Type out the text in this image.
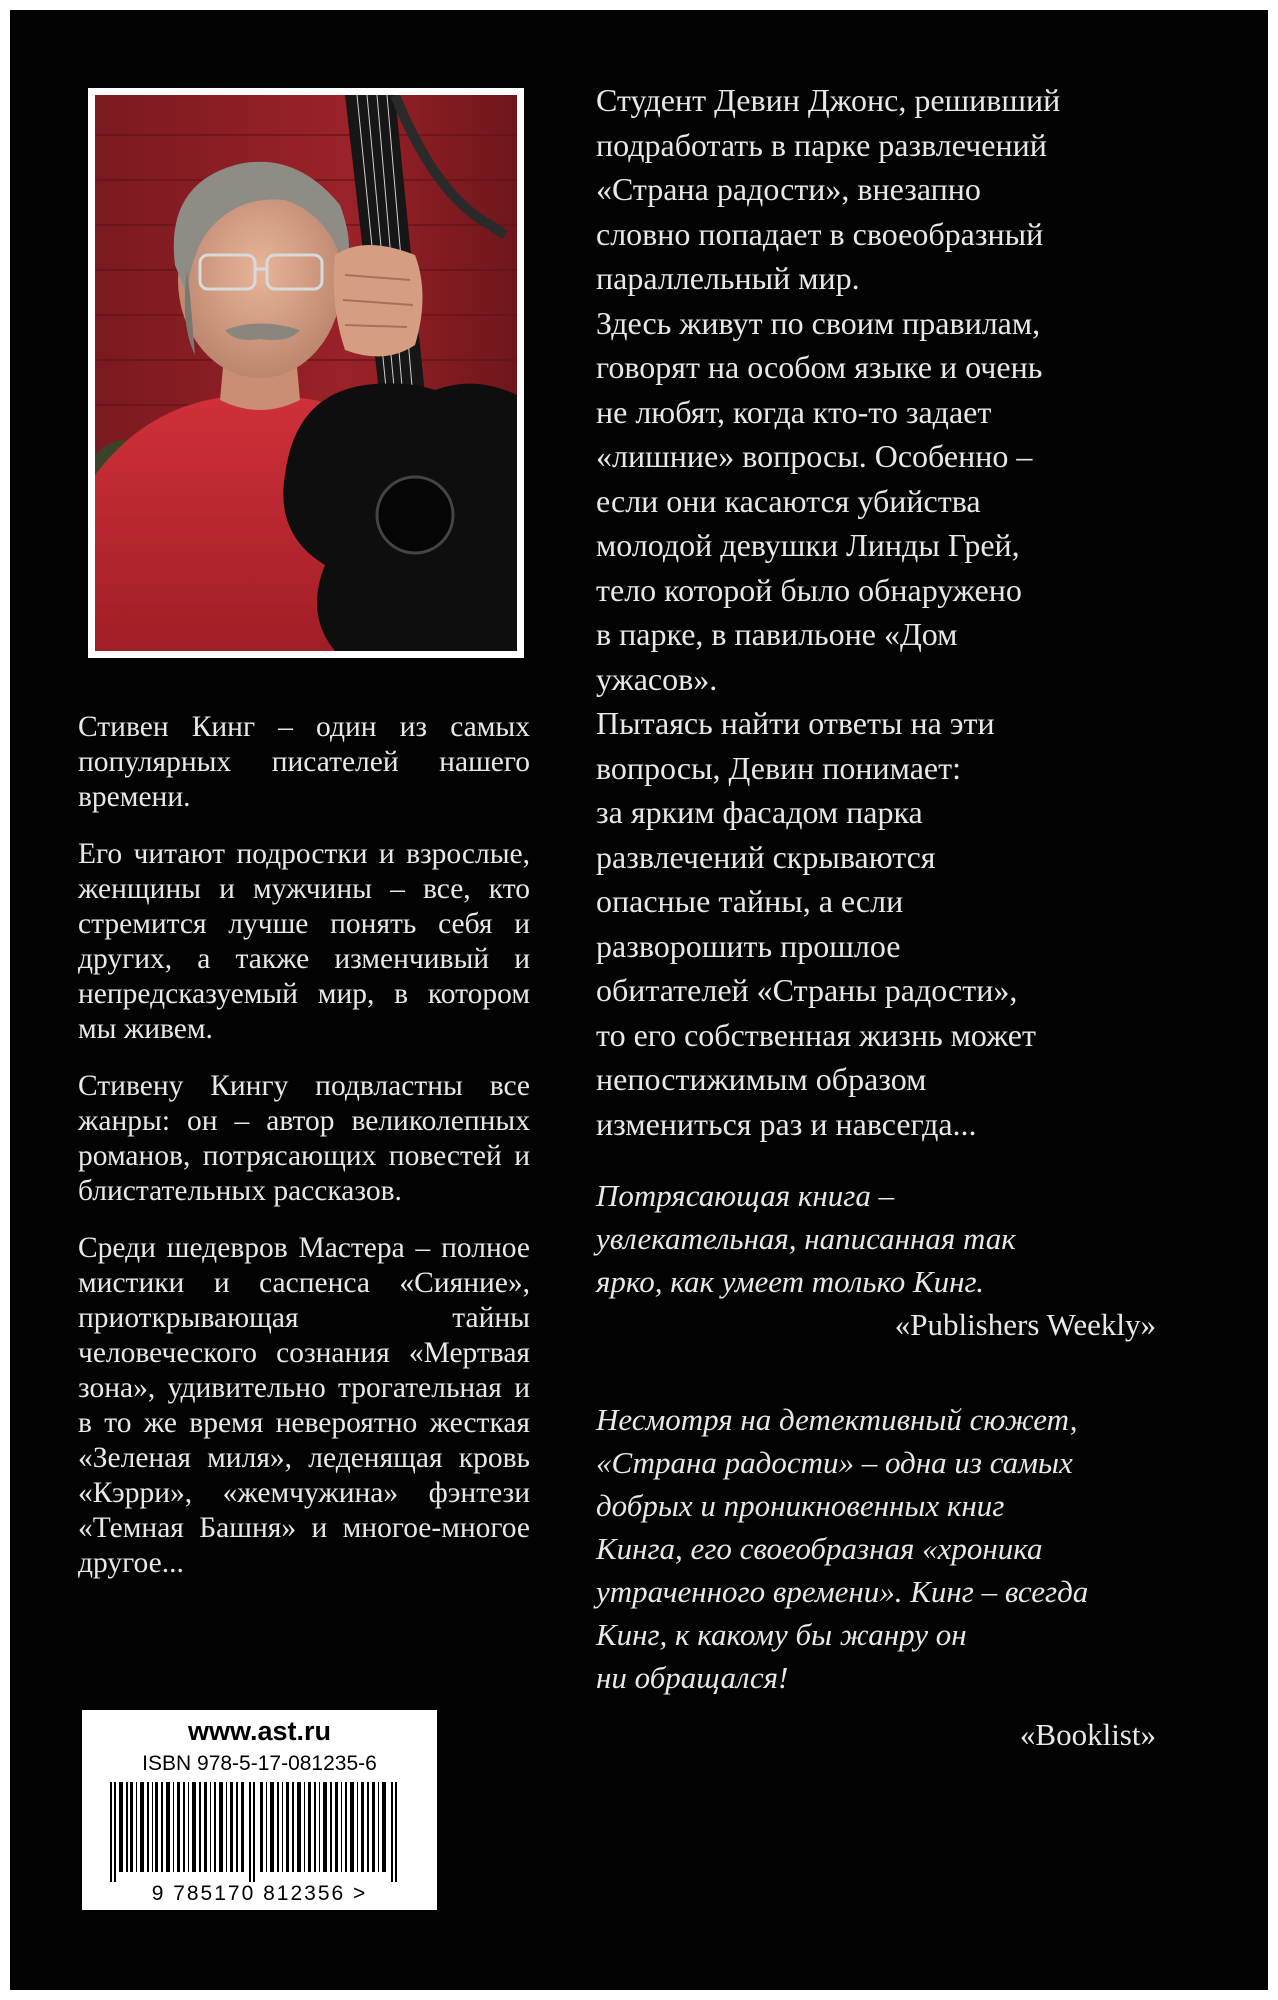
Стивен Кинг – один из самых популярных писателей нашего времени.

Его читают подростки и взрослые, женщины и мужчины – все, кто стремится лучше понять себя и других, а также изменчивый и непредсказуемый мир, в котором мы живем.

Стивену Кингу подвластны все жанры: он – автор великолепных романов, потрясающих повестей и блистательных рассказов.

Среди шедевров Мастера – полное мистики и саспенса «Сияние», приоткрывающая тайны человеческого сознания «Мертвая зона», удивительно трогательная и в то же время невероятно жесткая «Зеленая миля», леденящая кровь «Кэрри», «жемчужина» фэнтези «Темная Башня» и многое-многое другое...

Студент Девин Джонс, решивший

подработать в парке развлечений

«Страна радости», внезапно

словно попадает в своеобразный

параллельный мир.

Здесь живут по своим правилам,

говорят на особом языке и очень

не любят, когда кто-то задает

«лишние» вопросы. Особенно –

если они касаются убийства

молодой девушки Линды Грей,

тело которой было обнаружено

в парке, в павильоне «Дом

ужасов».

Пытаясь найти ответы на эти

вопросы, Девин понимает:

за ярким фасадом парка

развлечений скрываются

опасные тайны, а если

разворошить прошлое

обитателей «Страны радости»,

то его собственная жизнь может

непостижимым образом

измениться раз и навсегда...

Потрясающая книга –
увлекательная, написанная так
ярко, как умеет только Кинг.
«Publishers Weekly»
Несмотря на детективный сюжет,
«Страна радости» – одна из самых
добрых и проникновенных книг
Кинга, его своеобразная «хроника
утраченного времени». Кинг – всегда
Кинг, к какому бы жанру он
ни обращался!
«Booklist»
www.ast.ru
ISBN 978-5-17-081235-6
9 785170 812356 >
